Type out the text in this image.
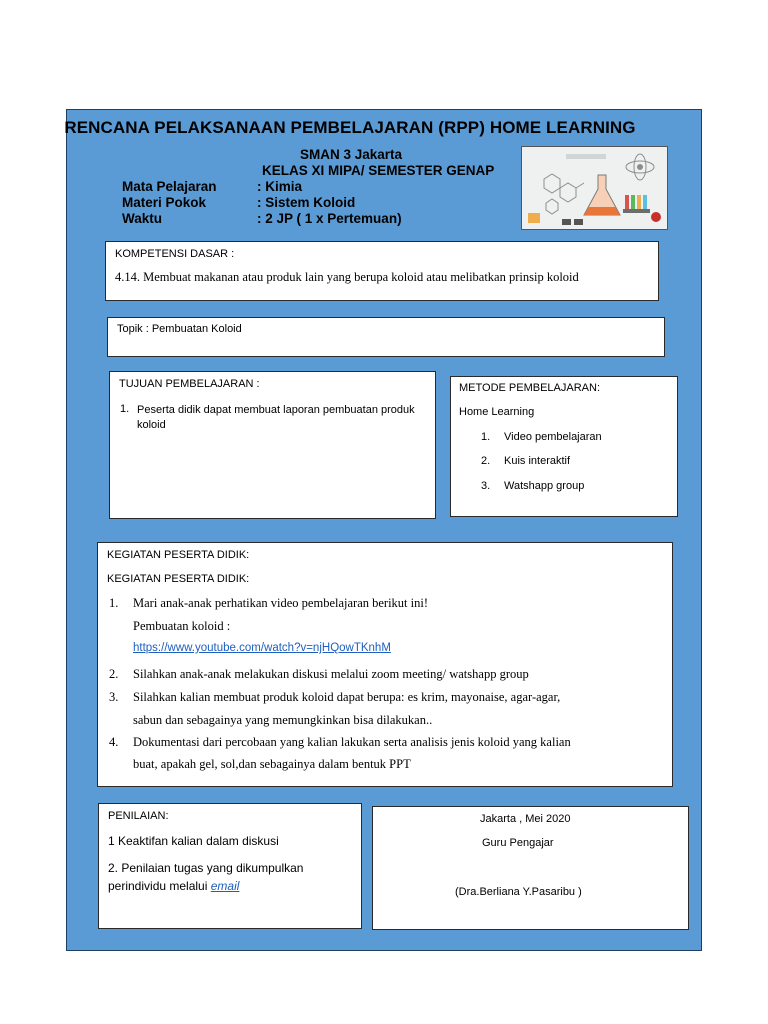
RENCANA PELAKSANAAN PEMBELAJARAN (RPP) HOME LEARNING
SMAN 3 Jakarta
KELAS XI MIPA/ SEMESTER GENAP
Mata Pelajaran	: Kimia
Materi Pokok	: Sistem Koloid
Waktu	: 2 JP ( 1 x Pertemuan)
KOMPETENSI DASAR :
4.14. Membuat makanan atau produk lain yang berupa koloid atau melibatkan prinsip koloid
Topik : Pembuatan Koloid
TUJUAN PEMBELAJARAN :
1. Peserta didik dapat membuat laporan pembuatan produk koloid
METODE PEMBELAJARAN:
Home Learning
1. Video pembelajaran
2. Kuis interaktif
3. Watshapp group
KEGIATAN PESERTA DIDIK:
KEGIATAN PESERTA DIDIK:
1. Mari anak-anak perhatikan video pembelajaran berikut ini!
Pembuatan koloid :
https://www.youtube.com/watch?v=njHQowTKnhM
2. Silahkan anak-anak melakukan diskusi melalui zoom meeting/ watshapp group
3. Silahkan kalian membuat produk koloid dapat berupa: es krim, mayonaise, agar-agar,
sabun dan sebagainya yang memungkinkan bisa dilakukan..
4. Dokumentasi dari percobaan yang kalian lakukan serta analisis jenis koloid yang kalian
buat, apakah gel, sol,dan sebagainya dalam bentuk PPT
PENILAIAN:
1 Keaktifan kalian dalam diskusi
2. Penilaian tugas yang dikumpulkan perindividu melalui email
Jakarta , Mei 2020
Guru Pengajar
(Dra.Berliana Y.Pasaribu )
